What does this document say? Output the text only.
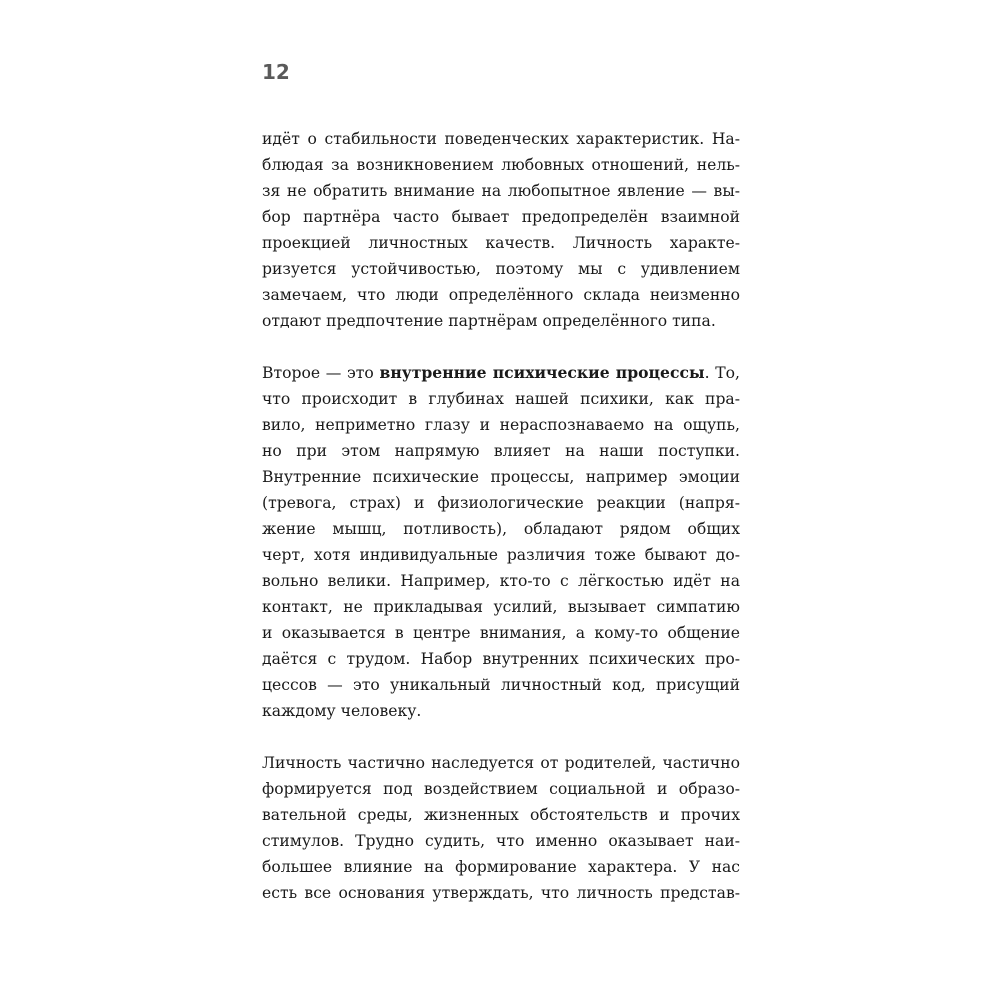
12
идёт о стабильности поведенческих характеристик. На-
блюдая за возникновением любовных отношений, нель-
зя не обратить внимание на любопытное явление — вы-
бор партнёра часто бывает предопределён взаимной
проекцией личностных качеств. Личность характе-
ризуется устойчивостью, поэтому мы с удивлением
замечаем, что люди определённого склада неизменно
отдают предпочтение партнёрам определённого типа.
Второе — это внутренние психические процессы. То,
что происходит в глубинах нашей психики, как пра-
вило, неприметно глазу и нераспознаваемо на ощупь,
но при этом напрямую влияет на наши поступки.
Внутренние психические процессы, например эмоции
(тревога, страх) и физиологические реакции (напря-
жение мышц, потливость), обладают рядом общих
черт, хотя индивидуальные различия тоже бывают до-
вольно велики. Например, кто-то с лёгкостью идёт на
контакт, не прикладывая усилий, вызывает симпатию
и оказывается в центре внимания, а кому-то общение
даётся с трудом. Набор внутренних психических про-
цессов — это уникальный личностный код, присущий
каждому человеку.
Личность частично наследуется от родителей, частично
формируется под воздействием социальной и образо-
вательной среды, жизненных обстоятельств и прочих
стимулов. Трудно судить, что именно оказывает наи-
большее влияние на формирование характера. У нас
есть все основания утверждать, что личность представ-
